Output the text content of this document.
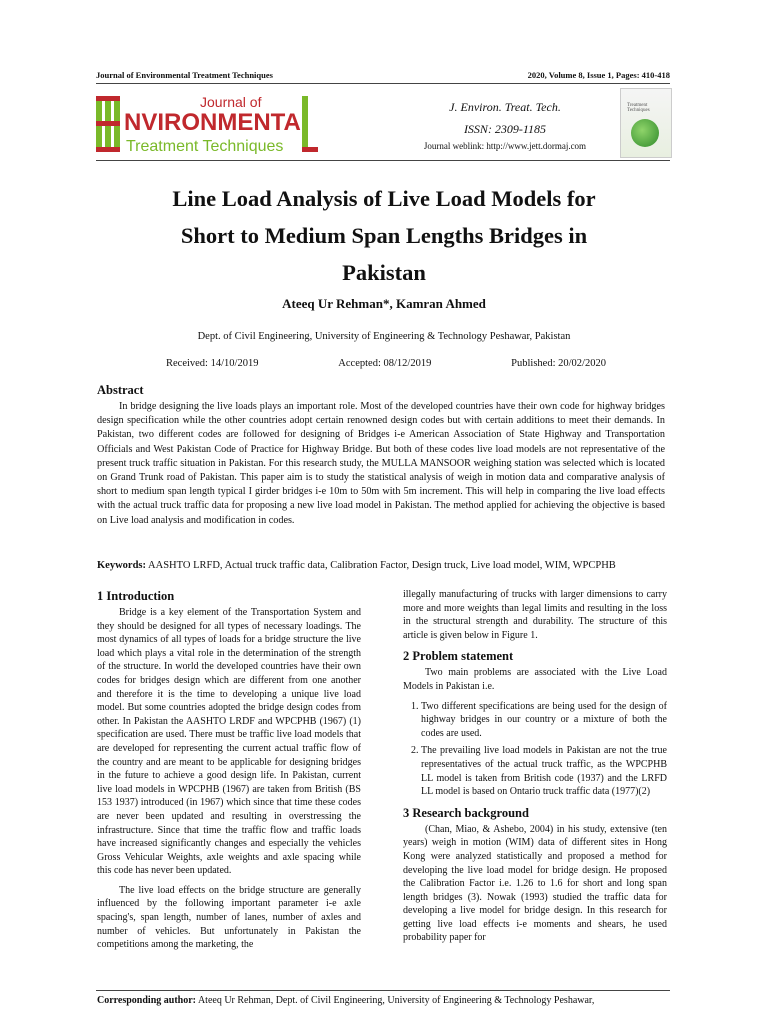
Journal of Environmental Treatment Techniques	2020, Volume 8, Issue 1, Pages: 410-418
Journal of
NVIRONMENTA
Treatment Techniques
J. Environ. Treat. Tech.
ISSN: 2309-1185
Journal weblink: http://www.jett.dormaj.com
Treatment Techniques
Line Load Analysis of Live Load Models for
Short to Medium Span Lengths Bridges in
Pakistan
Ateeq Ur Rehman*, Kamran Ahmed
Dept. of Civil Engineering, University of Engineering & Technology Peshawar, Pakistan
Received: 14/10/2019	Accepted: 08/12/2019	Published: 20/02/2020
Abstract

In bridge designing the live loads plays an important role. Most of the developed countries have their own code for highway bridges design specification while the other countries adopt certain renowned design codes but with certain additions to meet their demands. In Pakistan, two different codes are followed for designing of Bridges i-e American Association of State Highway and Transportation Officials and West Pakistan Code of Practice for Highway Bridge. But both of these codes live load models are not representative of the present truck traffic situation in Pakistan. For this research study, the MULLA MANSOOR weighing station was selected which is located on Grand Trunk road of Pakistan. This paper aim is to study the statistical analysis of weigh in motion data and comparative analysis of short to medium span length typical I girder bridges i-e 10m to 50m with 5m increment. This will help in comparing the live load effects with the actual truck traffic data for proposing a new live load model in Pakistan. The method applied for achieving the objective is based on Live load analysis and modification in codes.

Keywords: AASHTO LRFD, Actual truck traffic data, Calibration Factor, Design truck, Live load model, WIM, WPCPHB
1 Introduction

Bridge is a key element of the Transportation System and they should be designed for all types of necessary loadings. The most dynamics of all types of loads for a bridge structure the live load which plays a vital role in the determination of the strength of the structure. In world the developed countries have their own codes for bridges design which are different from one another and therefore it is the time to developing a unique live load model. But some countries adopted the bridge design codes from other. In Pakistan the AASHTO LRDF and WPCPHB (1967) (1) specification are used. There must be traffic live load models that are developed for representing the current actual traffic flow of the country and are meant to be applicable for designing bridges in the future to achieve a good design life. In Pakistan, current live load models in WPCPHB (1967) are taken from British (BS 153 1937) introduced (in 1967) which since that time these codes are never been updated and resulting in overstressing the infrastructure. Since that time the traffic flow and traffic loads have increased significantly changes and especially the vehicles Gross Vehicular Weights, axle weights and axle spacing while this code has never been updated.

The live load effects on the bridge structure are generally influenced by the following important parameter i-e axle spacing's, span length, number of lanes, number of axles and number of vehicles. But unfortunately in Pakistan the competitions among the marketing, the

illegally manufacturing of trucks with larger dimensions to carry more and more weights than legal limits and resulting in the loss in the structural strength and durability. The structure of this article is given below in Figure 1.

2 Problem statement

Two main problems are associated with the Live Load Models in Pakistan i.e.

1. Two different specifications are being used for the design of highway bridges in our country or a mixture of both the codes are used.
2. The prevailing live load models in Pakistan are not the true representatives of the actual truck traffic, as the WPCPHB LL model is taken from British code (1937) and the LRFD LL model is based on Ontario truck traffic data (1977)(2)
3 Research background

(Chan, Miao, & Ashebo, 2004) in his study, extensive (ten years) weigh in motion (WIM) data of different sites in Hong Kong were analyzed statistically and proposed a method for developing the live load model for bridge design. He proposed the Calibration Factor i.e. 1.26 to 1.6 for short and long span length bridges (3). Nowak (1993) studied the traffic data for developing a live model for bridge design. In this research for getting live load effects i-e moments and shears, he used probability paper for

Corresponding author: Ateeq Ur Rehman, Dept. of Civil Engineering, University of Engineering & Technology Peshawar,
